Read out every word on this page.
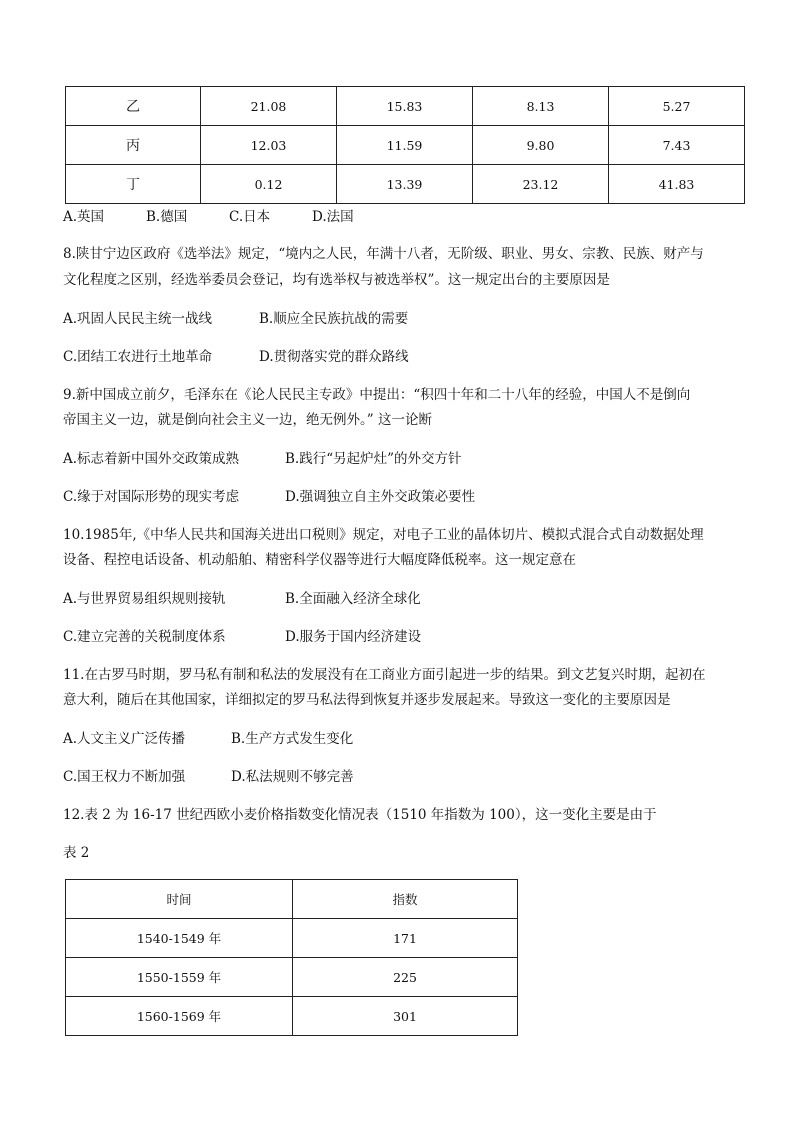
乙	21.08	15.83	8.13	5.27
丙	12.03	11.59	9.80	7.43
丁	0.12	13.39	23.12	41.83
A.英国	B.德国	C.日本	D.法国
8.陕甘宁边区政府《选举法》规定，“境内之人民，年满十八者，无阶级、职业、男女、宗教、民族、财产与
文化程度之区别，经选举委员会登记，均有选举权与被选举权”。这一规定出台的主要原因是
A.巩固人民民主统一战线	B.顺应全民族抗战的需要
C.团结工农进行土地革命	D.贯彻落实党的群众路线
9.新中国成立前夕，毛泽东在《论人民民主专政》中提出：“积四十年和二十八年的经验，中国人不是倒向
帝国主义一边，就是倒向社会主义一边，绝无例外。” 这一论断
A.标志着新中国外交政策成熟	B.践行“另起炉灶”的外交方针
C.缘于对国际形势的现实考虑	D.强调独立自主外交政策必要性
10.1985年,《中华人民共和国海关进出口税则》规定，对电子工业的晶体切片、模拟式混合式自动数据处理
设备、程控电话设备、机动船舶、精密科学仪器等进行大幅度降低税率。这一规定意在
A.与世界贸易组织规则接轨	B.全面融入经济全球化
C.建立完善的关税制度体系	D.服务于国内经济建设
11.在古罗马时期，罗马私有制和私法的发展没有在工商业方面引起进一步的结果。到文艺复兴时期，起初在
意大利，随后在其他国家，详细拟定的罗马私法得到恢复并逐步发展起来。导致这一变化的主要原因是
A.人文主义广泛传播	B.生产方式发生变化
C.国王权力不断加强	D.私法规则不够完善
12.表 2 为 16-17 世纪西欧小麦价格指数变化情况表（1510 年指数为 100），这一变化主要是由于
表 2
时间	指数
1540-1549 年	171
1550-1559 年	225
1560-1569 年	301
